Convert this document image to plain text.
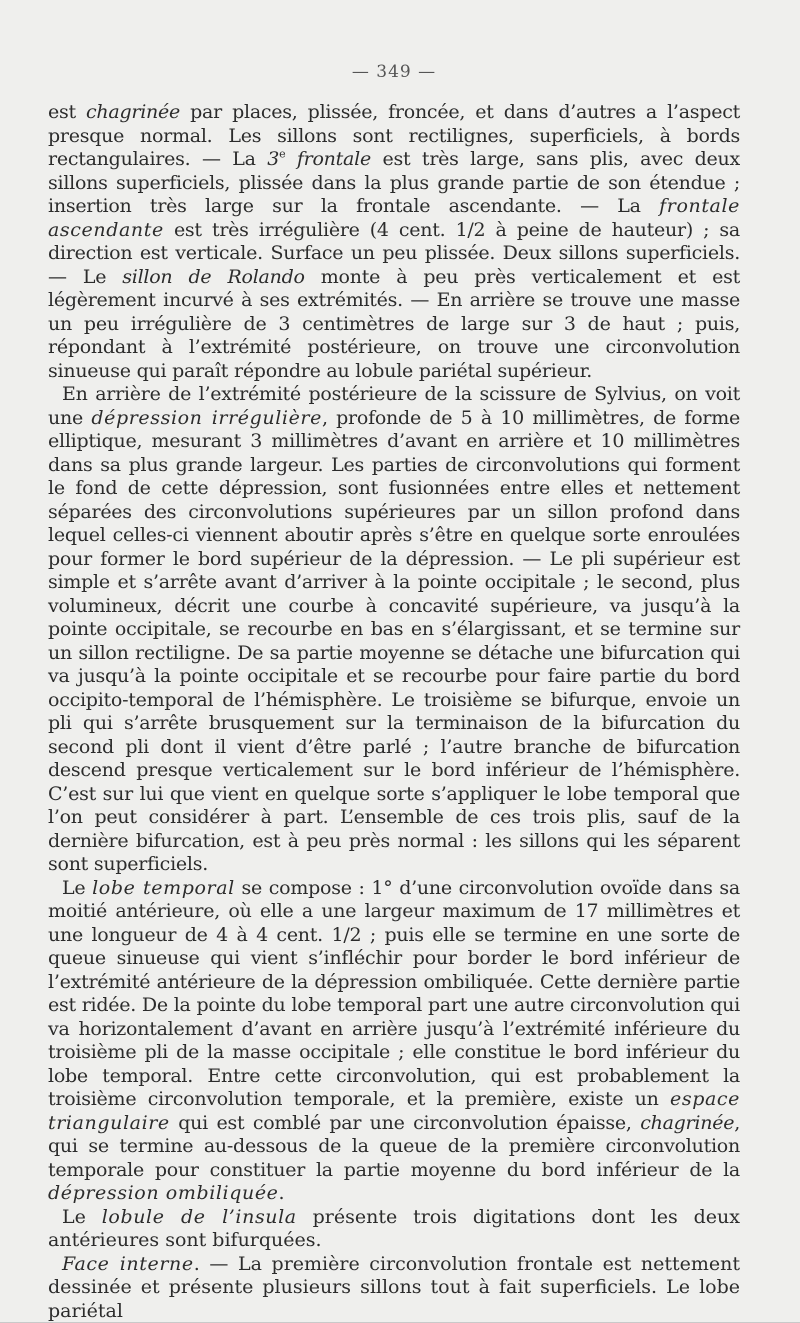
— 349 —

est chagrinée par places, plissée, froncée, et dans d’autres a l’aspect presque normal. Les sillons sont rectilignes, superficiels, à bords rectangulaires. — La 3e frontale est très large, sans plis, avec deux sillons superficiels, plissée dans la plus grande partie de son étendue ; insertion très large sur la frontale ascendante. — La frontale ascendante est très irrégulière (4 cent. 1/2 à peine de hauteur) ; sa direction est verticale. Surface un peu plissée. Deux sillons superficiels. — Le sillon de Rolando monte à peu près verticalement et est légèrement incurvé à ses extrémités. — En arrière se trouve une masse un peu irrégulière de 3 centimètres de large sur 3 de haut ; puis, répondant à l’extrémité postérieure, on trouve une circonvolution sinueuse qui paraît répondre au lobule pariétal supérieur.

En arrière de l’extrémité postérieure de la scissure de Sylvius, on voit une dépression irrégulière, profonde de 5 à 10 millimètres, de forme elliptique, mesurant 3 millimètres d’avant en arrière et 10 millimètres dans sa plus grande largeur. Les parties de circonvolutions qui forment le fond de cette dépression, sont fusionnées entre elles et nettement séparées des circonvolutions supérieures par un sillon profond dans lequel celles-ci viennent aboutir après s’être en quelque sorte enroulées pour former le bord supérieur de la dépression. — Le pli supérieur est simple et s’arrête avant d’arriver à la pointe occipitale ; le second, plus volumineux, décrit une courbe à concavité supérieure, va jusqu’à la pointe occipitale, se recourbe en bas en s’élargissant, et se termine sur un sillon rectiligne. De sa partie moyenne se détache une bifurcation qui va jusqu’à la pointe occipitale et se recourbe pour faire partie du bord occipito-temporal de l’hémisphère. Le troisième se bifurque, envoie un pli qui s’arrête brusquement sur la terminaison de la bifurcation du second pli dont il vient d’être parlé ; l’autre branche de bifurcation descend presque verticalement sur le bord inférieur de l’hémisphère. C’est sur lui que vient en quelque sorte s’appliquer le lobe temporal que l’on peut considérer à part. L’ensemble de ces trois plis, sauf de la dernière bifurcation, est à peu près normal : les sillons qui les séparent sont superficiels.

Le lobe temporal se compose : 1° d’une circonvolution ovoïde dans sa moitié antérieure, où elle a une largeur maximum de 17 millimètres et une longueur de 4 à 4 cent. 1/2 ; puis elle se termine en une sorte de queue sinueuse qui vient s’infléchir pour border le bord inférieur de l’extrémité antérieure de la dépression ombiliquée. Cette dernière partie est ridée. De la pointe du lobe temporal part une autre circonvolution qui va horizontalement d’avant en arrière jusqu’à l’extrémité inférieure du troisième pli de la masse occipitale ; elle constitue le bord inférieur du lobe temporal. Entre cette circonvolution, qui est probablement la troisième circonvolution temporale, et la première, existe un espace triangulaire qui est comblé par une circonvolution épaisse, chagrinée, qui se termine au-dessous de la queue de la première circonvolution temporale pour constituer la partie moyenne du bord inférieur de la dépression ombiliquée.

Le lobule de l’insula présente trois digitations dont les deux antérieures sont bifurquées.

Face interne. — La première circonvolution frontale est nettement dessinée et présente plusieurs sillons tout à fait superficiels. Le lobe pariétal
